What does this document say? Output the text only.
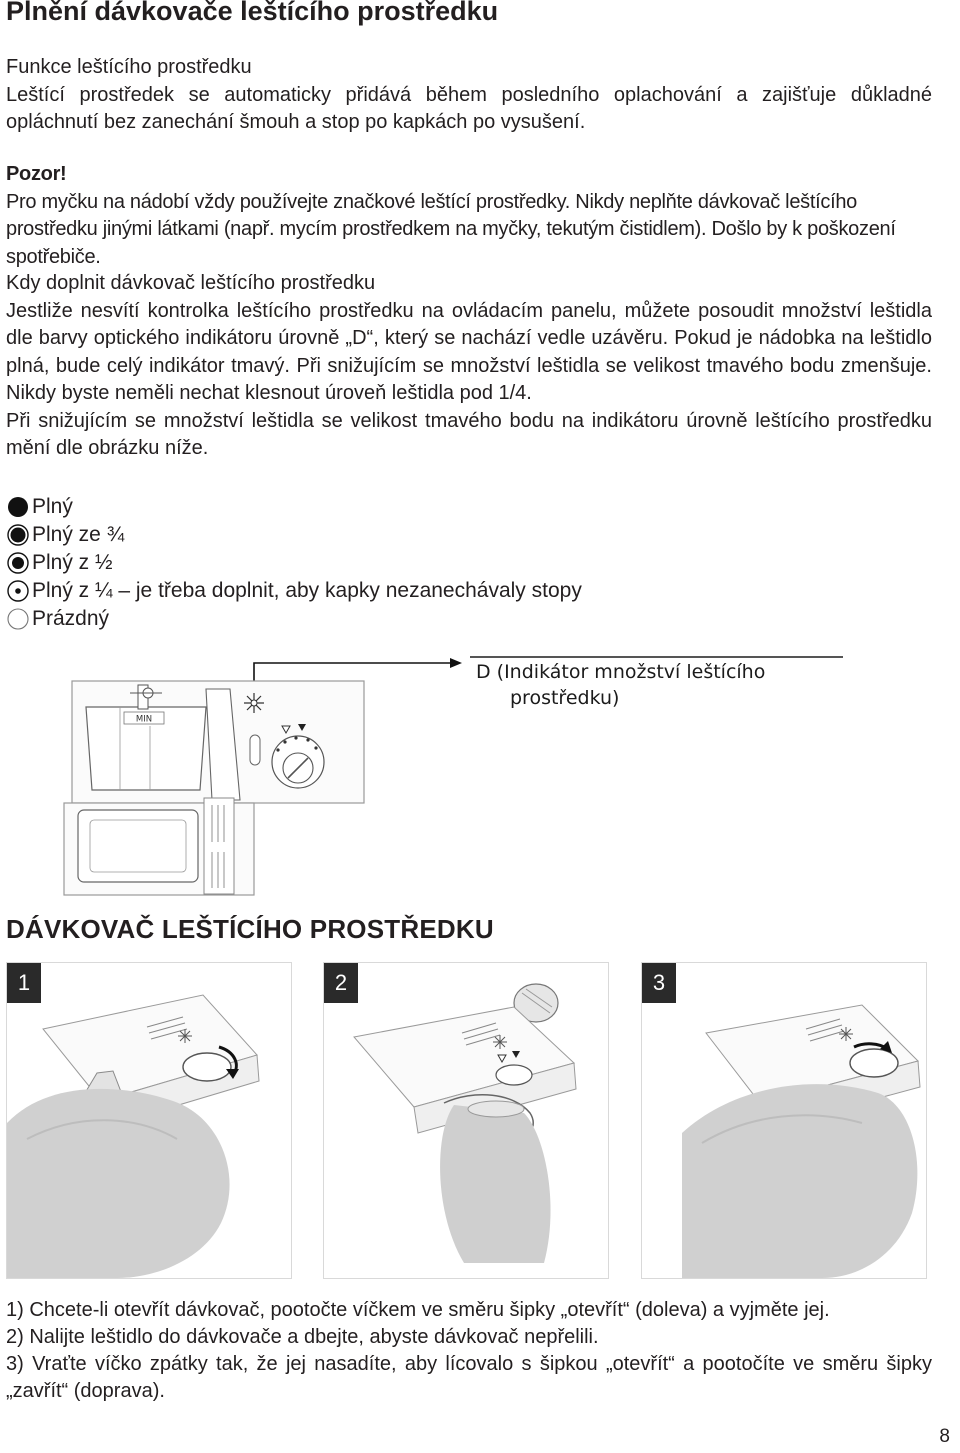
Plnění dávkovače leštícího prostředku
Funkce leštícího prostředku
Leštící prostředek se automaticky přidává během posledního oplachování a zajišťuje důkladné opláchnutí bez zanechání šmouh a stop po kapkách po vysušení.
Pozor!
Pro myčku na nádobí vždy používejte značkové leštící prostředky. Nikdy neplňte dávkovač leštícího prostředku jinými látkami (např. mycím prostředkem na myčky, tekutým čistidlem). Došlo by k poškození spotřebiče.
Kdy doplnit dávkovač leštícího prostředku
Jestliže nesvítí kontrolka leštícího prostředku na ovládacím panelu, můžete posoudit množství leštidla dle barvy optického indikátoru úrovně „D“, který se nachází vedle uzávěru. Pokud je nádobka na leštidlo plná, bude celý indikátor tmavý. Při snižujícím se množství leštidla se velikost tmavého bodu zmenšuje. Nikdy byste neměli nechat klesnout úroveň leštidla pod 1/4.
Při snižujícím se množství leštidla se velikost tmavého bodu na indikátoru úrovně leštícího prostředku mění dle obrázku níže.
Plný
Plný ze ¾
Plný z ½
Plný z ¼ – je třeba doplnit, aby kapky nezanechávaly stopy
Prázdný
MIN
D (Indikátor množství leštícího
prostředku)
DÁVKOVAČ LEŠTÍCÍHO PROSTŘEDKU
1	2	3
1) Chcete-li otevřít dávkovač, pootočte víčkem ve směru šipky „otevřít“ (doleva) a vyjměte jej.
2) Nalijte leštidlo do dávkovače a dbejte, abyste dávkovač nepřelili.
3) Vraťte víčko zpátky tak, že jej nasadíte, aby lícovalo s šipkou „otevřít“ a pootočíte ve směru šipky „zavřít“ (doprava).
8
